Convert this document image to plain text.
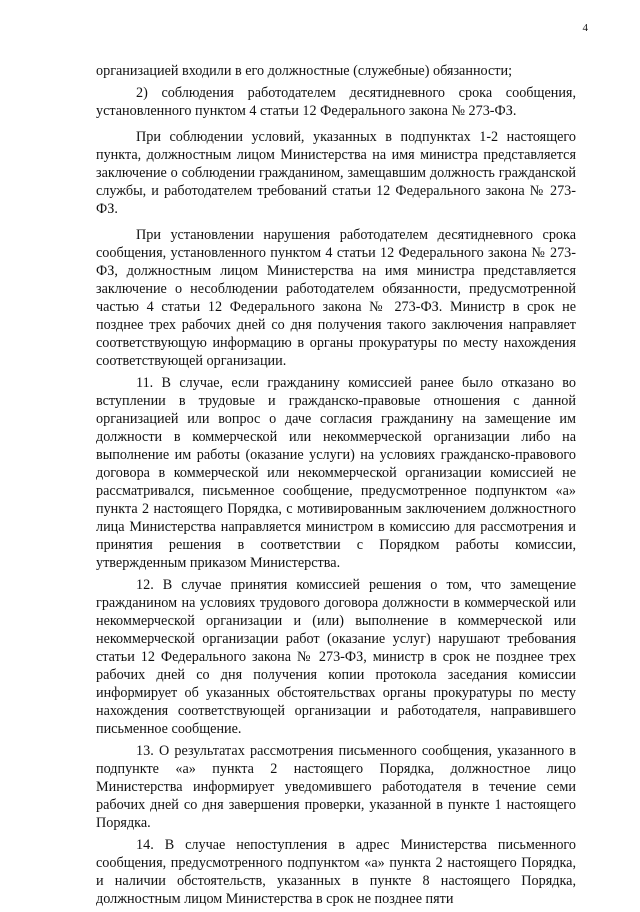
4

организацией входили в его должностные (служебные) обязанности;

2) соблюдения работодателем десятидневного срока сообщения, установленного пунктом 4 статьи 12 Федерального закона № 273-ФЗ.

При соблюдении условий, указанных в подпунктах 1-2 настоящего пункта, должностным лицом Министерства на имя министра представляется заключение о соблюдении гражданином, замещавшим должность гражданской службы, и работодателем требований статьи 12 Федерального закона № 273-ФЗ.

При установлении нарушения работодателем десятидневного срока сообщения, установленного пунктом 4 статьи 12 Федерального закона № 273-ФЗ, должностным лицом Министерства на имя министра представляется заключение о несоблюдении работодателем обязанности, предусмотренной частью 4 статьи 12 Федерального закона № 273-ФЗ. Министр в срок не позднее трех рабочих дней со дня получения такого заключения направляет соответствующую информацию в органы прокуратуры по месту нахождения соответствующей организации.

11. В случае, если гражданину комиссией ранее было отказано во вступлении в трудовые и гражданско-правовые отношения с данной организацией или вопрос о даче согласия гражданину на замещение им должности в коммерческой или некоммерческой организации либо на выполнение им работы (оказание услуги) на условиях гражданско-правового договора в коммерческой или некоммерческой организации комиссией не рассматривался, письменное сообщение, предусмотренное подпунктом «а» пункта 2 настоящего Порядка, с мотивированным заключением должностного лица Министерства направляется министром в комиссию для рассмотрения и принятия решения в соответствии с Порядком работы комиссии, утвержденным приказом Министерства.

12. В случае принятия комиссией решения о том, что замещение гражданином на условиях трудового договора должности в коммерческой или некоммерческой организации и (или) выполнение в коммерческой или некоммерческой организации работ (оказание услуг) нарушают требования статьи 12 Федерального закона № 273-ФЗ, министр в срок не позднее трех рабочих дней со дня получения копии протокола заседания комиссии информирует об указанных обстоятельствах органы прокуратуры по месту нахождения соответствующей организации и работодателя, направившего письменное сообщение.

13. О результатах рассмотрения письменного сообщения, указанного в подпункте «а» пункта 2 настоящего Порядка, должностное лицо Министерства информирует уведомившего работодателя в течение семи рабочих дней со дня завершения проверки, указанной в пункте 1 настоящего Порядка.

14. В случае непоступления в адрес Министерства письменного сообщения, предусмотренного подпунктом «а» пункта 2 настоящего Порядка, и наличии обстоятельств, указанных в пункте 8 настоящего Порядка, должностным лицом Министерства в срок не позднее пяти
